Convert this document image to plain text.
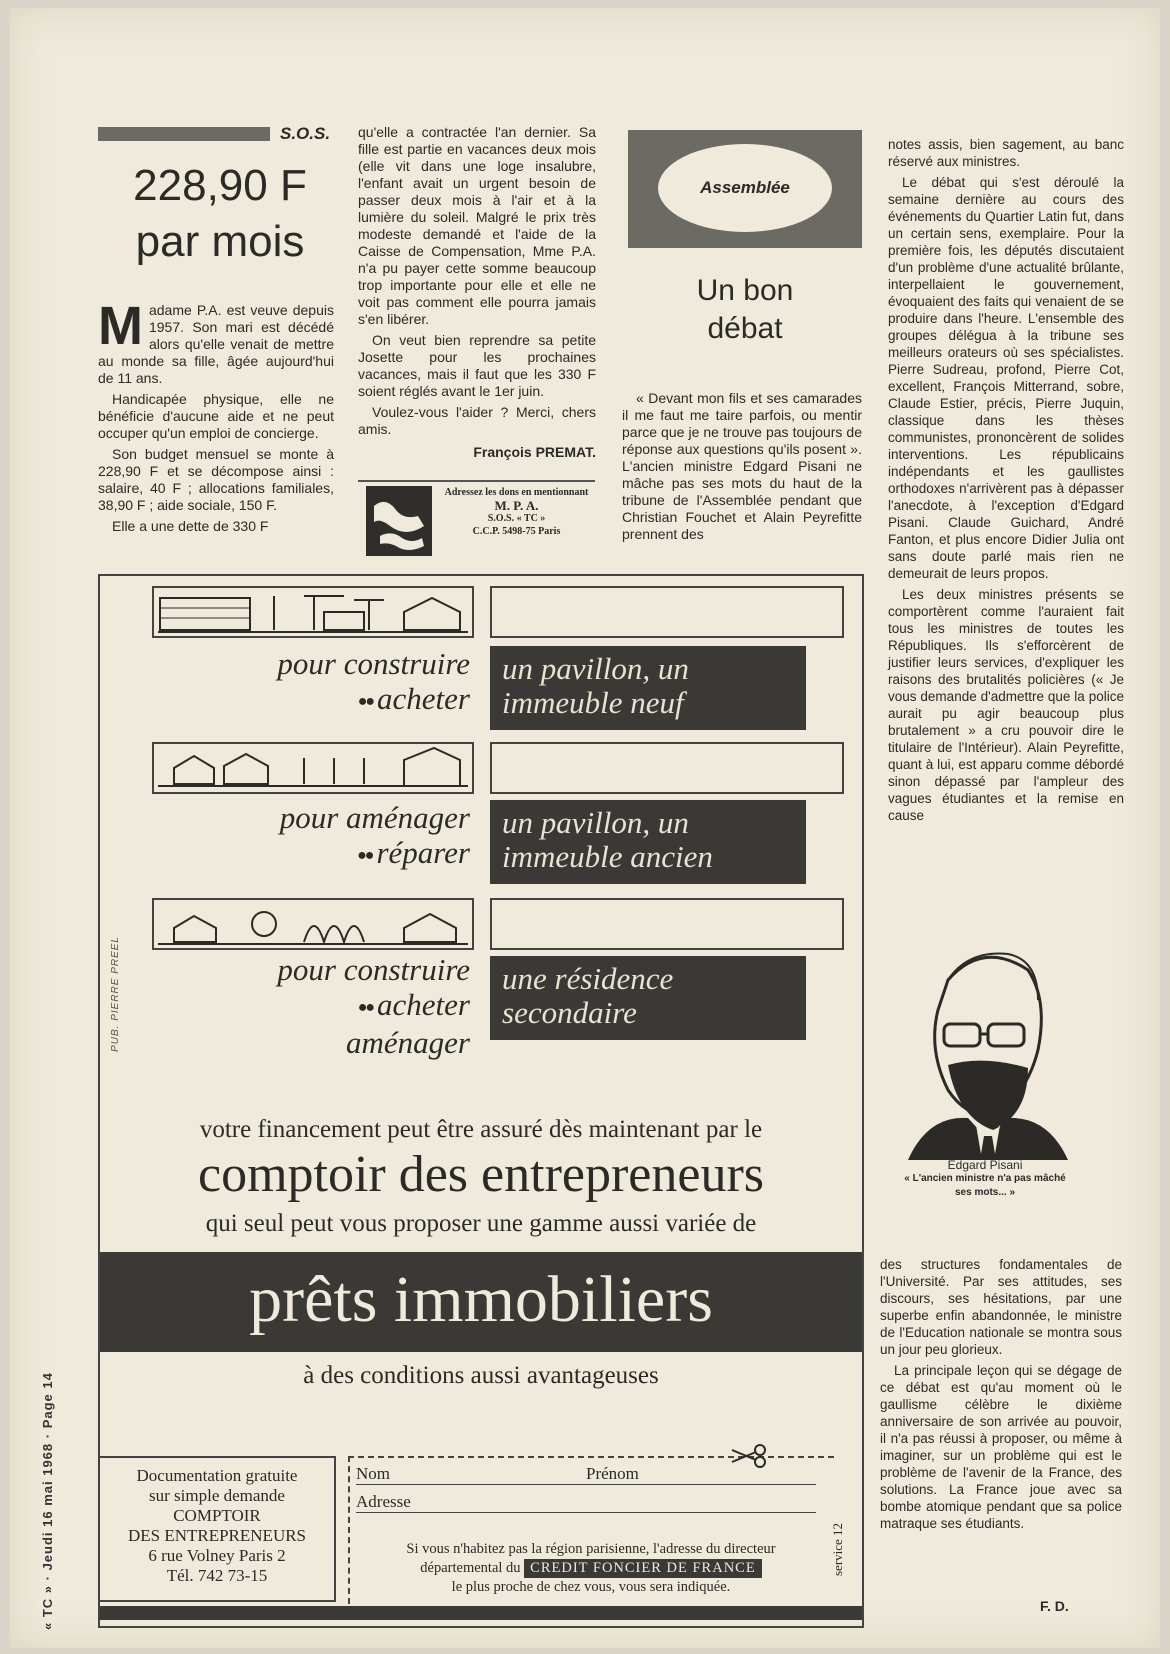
« TC » · Jeudi 16 mai 1968 · Page 14
S.O.S.
228,90 F
par mois

Madame P.A. est veuve depuis 1957. Son mari est décédé alors qu'elle venait de mettre au monde sa fille, âgée aujourd'hui de 11 ans.

Handicapée physique, elle ne bénéficie d'aucune aide et ne peut occuper qu'un emploi de concierge.

Son budget mensuel se monte à 228,90 F et se décompose ainsi : salaire, 40 F ; allocations familiales, 38,90 F ; aide sociale, 150 F.

Elle a une dette de 330 F

qu'elle a contractée l'an dernier. Sa fille est partie en vacances deux mois (elle vit dans une loge insalubre, l'enfant avait un urgent besoin de passer deux mois à l'air et à la lumière du soleil. Malgré le prix très modeste demandé et l'aide de la Caisse de Compensation, Mme P.A. n'a pu payer cette somme beaucoup trop importante pour elle et elle ne voit pas comment elle pourra jamais s'en libérer.

On veut bien reprendre sa petite Josette pour les prochaines vacances, mais il faut que les 330 F soient réglés avant le 1er juin.

Voulez-vous l'aider ? Merci, chers amis.

François PREMAT.
Adressez les dons en mentionnant
M. P. A.
S.O.S. « TC »
C.C.P. 5498-75 Paris
Assemblée
Un bon
débat

« Devant mon fils et ses camarades il me faut me taire parfois, ou mentir parce que je ne trouve pas toujours de réponse aux questions qu'ils posent ». L'ancien ministre Edgard Pisani ne mâche pas ses mots du haut de la tribune de l'Assemblée pendant que Christian Fouchet et Alain Peyrefitte prennent des

notes assis, bien sagement, au banc réservé aux ministres.

Le débat qui s'est déroulé la semaine dernière au cours des événements du Quartier Latin fut, dans un certain sens, exemplaire. Pour la première fois, les députés discutaient d'un problème d'une actualité brûlante, interpellaient le gouvernement, évoquaient des faits qui venaient de se produire dans l'heure. L'ensemble des groupes délégua à la tribune ses meilleurs orateurs où ses spécialistes. Pierre Sudreau, profond, Pierre Cot, excellent, François Mitterrand, sobre, Claude Estier, précis, Pierre Juquin, classique dans les thèses communistes, prononcèrent de solides interventions. Les républicains indépendants et les gaullistes orthodoxes n'arrivèrent pas à dépasser l'anecdote, à l'exception d'Edgard Pisani. Claude Guichard, André Fanton, et plus encore Didier Julia ont sans doute parlé mais rien ne demeurait de leurs propos.

Les deux ministres présents se comportèrent comme l'auraient fait tous les ministres de toutes les Républiques. Ils s'efforcèrent de justifier leurs services, d'expliquer les raisons des brutalités policières (« Je vous demande d'admettre que la police aurait pu agir beaucoup plus brutalement » a cru pouvoir dire le titulaire de l'Intérieur). Alain Peyrefitte, quant à lui, est apparu comme débordé sinon dépassé par l'ampleur des vagues étudiantes et la remise en cause

Edgard Pisani
« L'ancien ministre n'a pas mâché ses mots... »

des structures fondamentales de l'Université. Par ses attitudes, ses discours, ses hésitations, par une superbe enfin abandonnée, le ministre de l'Education nationale se montra sous un jour peu glorieux.

La principale leçon qui se dégage de ce débat est qu'au moment où le gaullisme célèbre le dixième anniversaire de son arrivée au pouvoir, il n'a pas réussi à proposer, ou même à imaginer, sur un problème qui est le problème de l'avenir de la France, des solutions. La France joue avec sa bombe atomique pendant que sa police matraque ses étudiants.

F. D.
PUB. PIERRE PREEL
pour construire
●● acheter
un pavillon, un immeuble neuf
pour aménager
●● réparer
un pavillon, un immeuble ancien
pour construire
●● acheter
aménager
une résidence secondaire
votre financement peut être assuré dès maintenant par le
comptoir des entrepreneurs
qui seul peut vous proposer une gamme aussi variée de
prêts immobiliers
à des conditions aussi avantageuses
Documentation gratuite
sur simple demande
COMPTOIR
DES ENTREPRENEURS
6 rue Volney Paris 2
Tél. 742 73-15
Nom	Prénom
Adresse
Si vous n'habitez pas la région parisienne, l'adresse du directeur
départemental du CREDIT FONCIER DE FRANCE
le plus proche de chez vous, vous sera indiquée.
service 12
